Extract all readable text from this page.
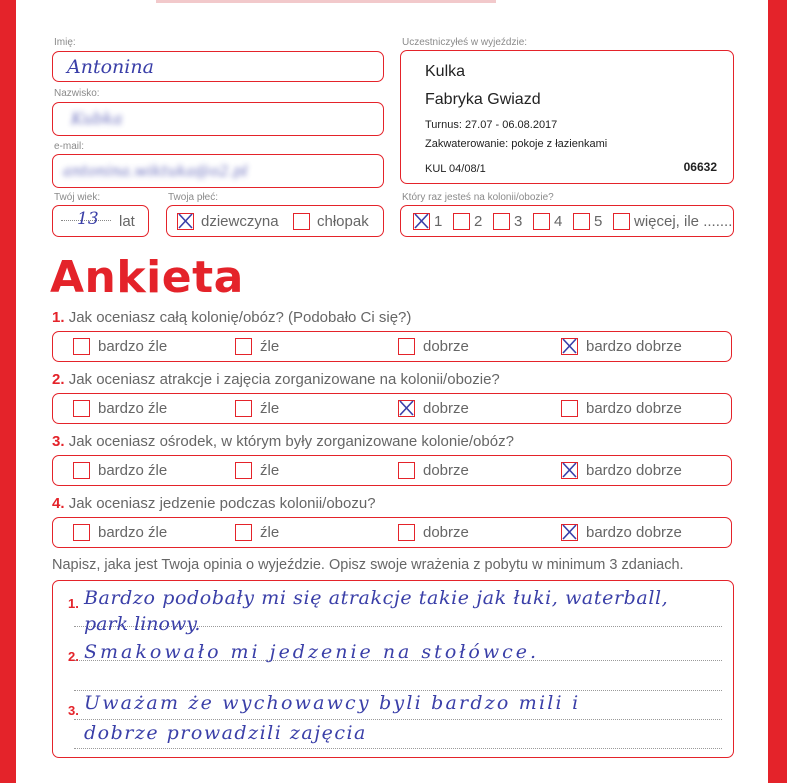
Imię:
Antonina
Nazwisko:
Kubka
e-mail:
antonina.wiktuka@o2.pl
Twój wiek:
13 lat
Twoja płeć:
dziewczyna	chłopak
Uczestniczyłeś w wyjeździe:
Kulka
Fabryka Gwiazd
Turnus: 27.07 - 06.08.2017
Zakwaterowanie: pokoje z łazienkami
KUL 04/08/1	06632
Który raz jesteś na kolonii/obozie?
1 2 3 4 5 więcej, ile .......
Ankieta
1. Jak oceniasz całą kolonię/obóz? (Podobało Ci się?)
bardzo źle	źle	dobrze	bardzo dobrze
2. Jak oceniasz atrakcje i zajęcia zorganizowane na kolonii/obozie?
bardzo źle	źle	dobrze	bardzo dobrze
3. Jak oceniasz ośrodek, w którym były zorganizowane kolonie/obóz?
bardzo źle	źle	dobrze	bardzo dobrze
4. Jak oceniasz jedzenie podczas kolonii/obozu?
bardzo źle	źle	dobrze	bardzo dobrze
Napisz, jaka jest Twoja opinia o wyjeździe. Opisz swoje wrażenia z pobytu w minimum 3 zdaniach.
1. Bardzo podobały mi się atrakcje takie jak łuki, waterball,
park linowy.
2. Smakowało mi jedzenie na stołówce.
3. Uważam że wychowawcy byli bardzo mili i
dobrze prowadzili zajęcia
